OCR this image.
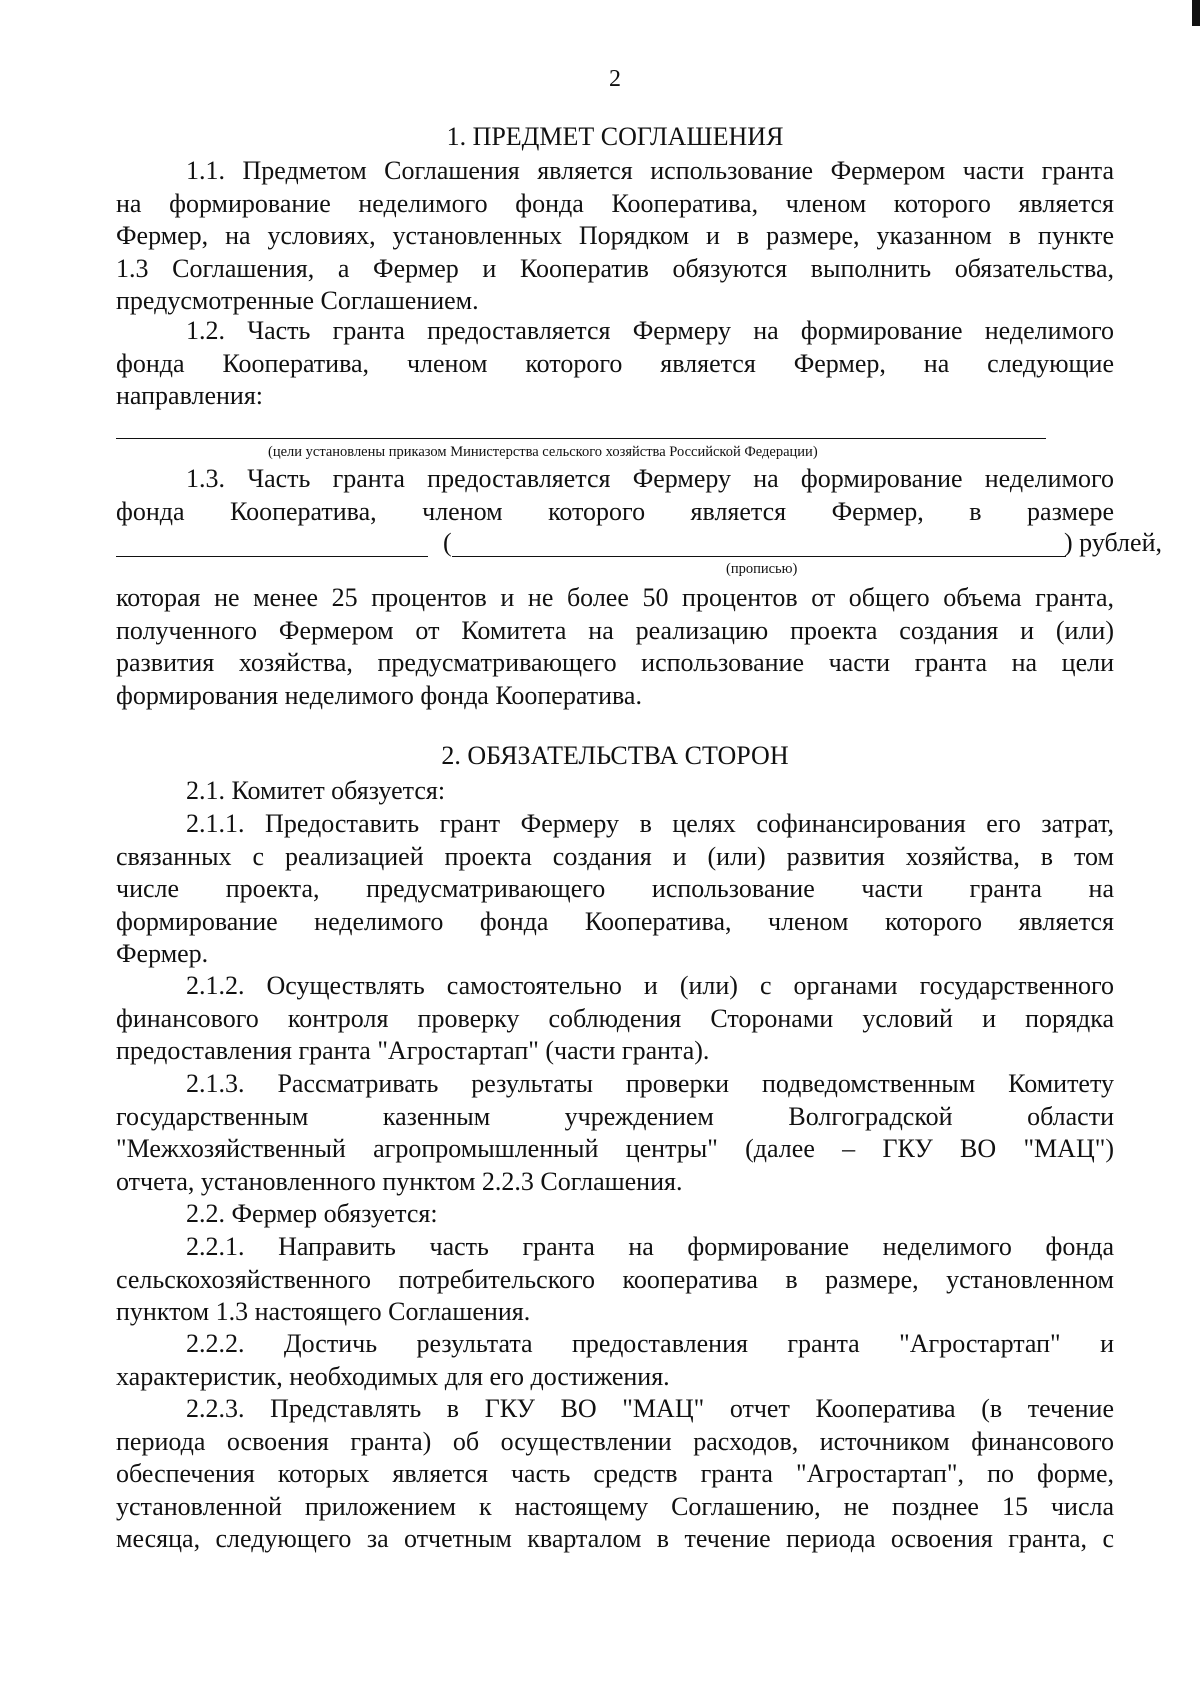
2
1. ПРЕДМЕТ СОГЛАШЕНИЯ
1.1. Предметом Соглашения является использование Фермером части гранта
на формирование неделимого фонда Кооператива, членом которого является
Фермер, на условиях, установленных Порядком и в размере, указанном в пункте
1.3 Соглашения, а Фермер и Кооператив обязуются выполнить обязательства,
предусмотренные Соглашением.
1.2. Часть гранта предоставляется Фермеру на формирование неделимого
фонда Кооператива, членом которого является Фермер, на следующие
направления:
(цели установлены приказом Министерства сельского хозяйства Российской Федерации)
1.3. Часть гранта предоставляется Фермеру на формирование неделимого
фонда Кооператива, членом которого является Фермер, в размере
(	) рублей,
(прописью)
которая не менее 25 процентов и не более 50 процентов от общего объема гранта,
полученного Фермером от Комитета на реализацию проекта создания и (или)
развития хозяйства, предусматривающего использование части гранта на цели
формирования неделимого фонда Кооператива.
2. ОБЯЗАТЕЛЬСТВА СТОРОН
2.1. Комитет обязуется:
2.1.1. Предоставить грант Фермеру в целях софинансирования его затрат,
связанных с реализацией проекта создания и (или) развития хозяйства, в том
числе проекта, предусматривающего использование части гранта на
формирование неделимого фонда Кооператива, членом которого является
Фермер.
2.1.2. Осуществлять самостоятельно и (или) с органами государственного
финансового контроля проверку соблюдения Сторонами условий и порядка
предоставления гранта "Агростартап" (части гранта).
2.1.3. Рассматривать результаты проверки подведомственным Комитету
государственным казенным учреждением Волгоградской области
"Межхозяйственный агропромышленный центры" (далее – ГКУ ВО "МАЦ")
отчета, установленного пунктом 2.2.3 Соглашения.
2.2. Фермер обязуется:
2.2.1. Направить часть гранта на формирование неделимого фонда
сельскохозяйственного потребительского кооператива в размере, установленном
пунктом 1.3 настоящего Соглашения.
2.2.2. Достичь результата предоставления гранта "Агростартап" и
характеристик, необходимых для его достижения.
2.2.3. Представлять в ГКУ ВО "МАЦ" отчет Кооператива (в течение
периода освоения гранта) об осуществлении расходов, источником финансового
обеспечения которых является часть средств гранта "Агростартап", по форме,
установленной приложением к настоящему Соглашению, не позднее 15 числа
месяца, следующего за отчетным кварталом в течение периода освоения гранта, с
